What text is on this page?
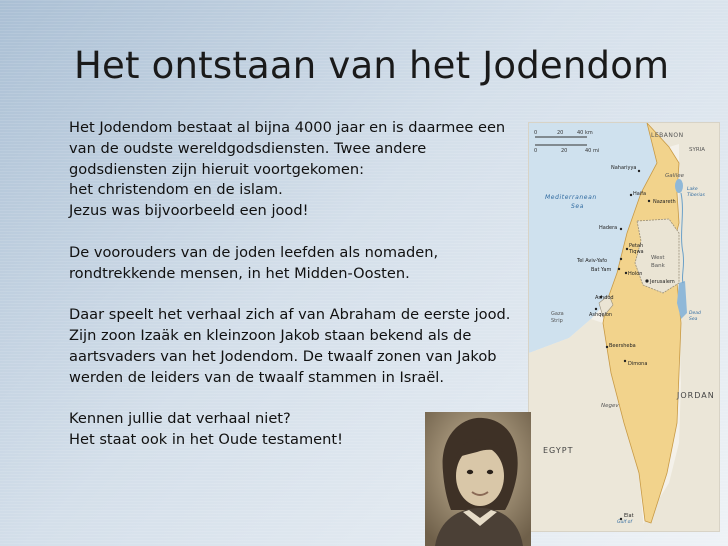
Het ontstaan van het Jodendom
Het Jodendom bestaat al bijna 4000 jaar en is daarmee een
van de oudste wereldgodsdiensten. Twee andere
godsdiensten zijn hieruit voortgekomen:
het christendom en de islam.
Jezus was bijvoorbeeld een jood!
De voorouders van de joden leefden als nomaden,
rondtrekkende mensen, in het Midden-Oosten.
Daar speelt het verhaal zich af van Abraham de eerste jood.
Zijn zoon Izaäk en kleinzoon Jakob staan bekend als de
aartsvaders van het Jodendom. De twaalf zonen van Jakob
werden de leiders van de twaalf stammen in Israël.
Kennen jullie dat verhaal niet?
Het staat ook in het Oude testament!
0	20	40 km
0	20	40 mi
LEBANON
SYRIA
JORDAN
EGYPT
Galilee
Lake
Tiberias
Mediterranean
Sea
West
Bank
Gaza
Strip
Dead
Sea
Negev
Gulf of
Nahariyya
Haifa
Nazareth
Hadera
Petah
Tiqwa
Tel Aviv-Yafo
Bat Yam
Holon
Jerusalem
Ashdod
Ashqelon
Beersheba
Dimona
Elat
